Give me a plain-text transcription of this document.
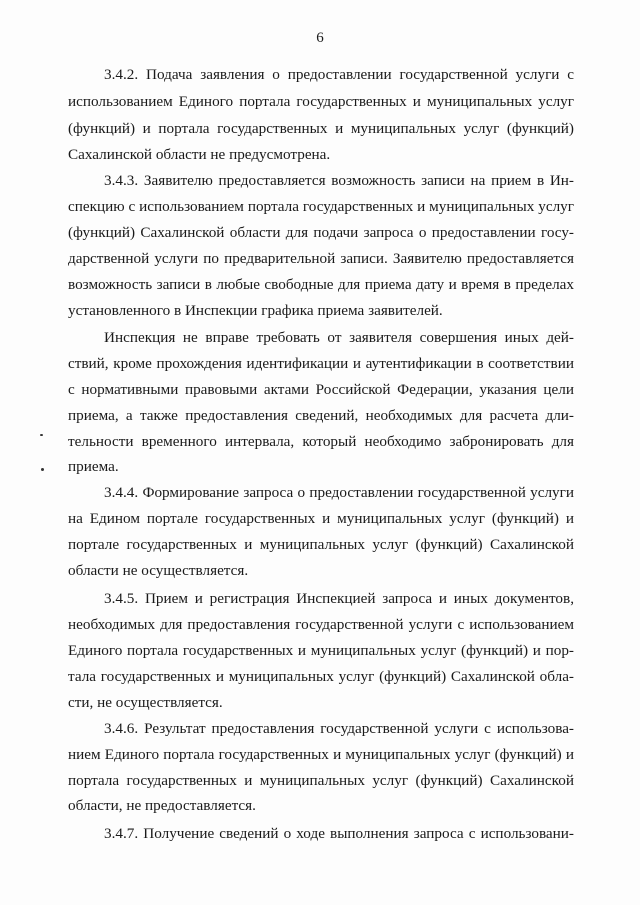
6
3.4.2. Подача заявления о предоставлении государственной услуги с
использованием Единого портала государственных и муниципальных услуг
(функций) и портала государственных и муниципальных услуг (функций)
Сахалинской области не предусмотрена.
3.4.3. Заявителю предоставляется возможность записи на прием в Ин-
спекцию с использованием портала государственных и муниципальных услуг
(функций) Сахалинской области для подачи запроса о предоставлении госу-
дарственной услуги по предварительной записи. Заявителю предоставляется
возможность записи в любые свободные для приема дату и время в пределах
установленного в Инспекции графика приема заявителей.
Инспекция не вправе требовать от заявителя совершения иных дей-
ствий, кроме прохождения идентификации и аутентификации в соответствии
с нормативными правовыми актами Российской Федерации, указания цели
приема, а также предоставления сведений, необходимых для расчета дли-
тельности временного интервала, который необходимо забронировать для
приема.
3.4.4. Формирование запроса о предоставлении государственной услуги
на Едином портале государственных и муниципальных услуг (функций) и
портале государственных и муниципальных услуг (функций) Сахалинской
области не осуществляется.
3.4.5. Прием и регистрация Инспекцией запроса и иных документов,
необходимых для предоставления государственной услуги с использованием
Единого портала государственных и муниципальных услуг (функций) и пор-
тала государственных и муниципальных услуг (функций) Сахалинской обла-
сти, не осуществляется.
3.4.6. Результат предоставления государственной услуги с использова-
нием Единого портала государственных и муниципальных услуг (функций) и
портала государственных и муниципальных услуг (функций) Сахалинской
области, не предоставляется.
3.4.7. Получение сведений о ходе выполнения запроса с использовани-
